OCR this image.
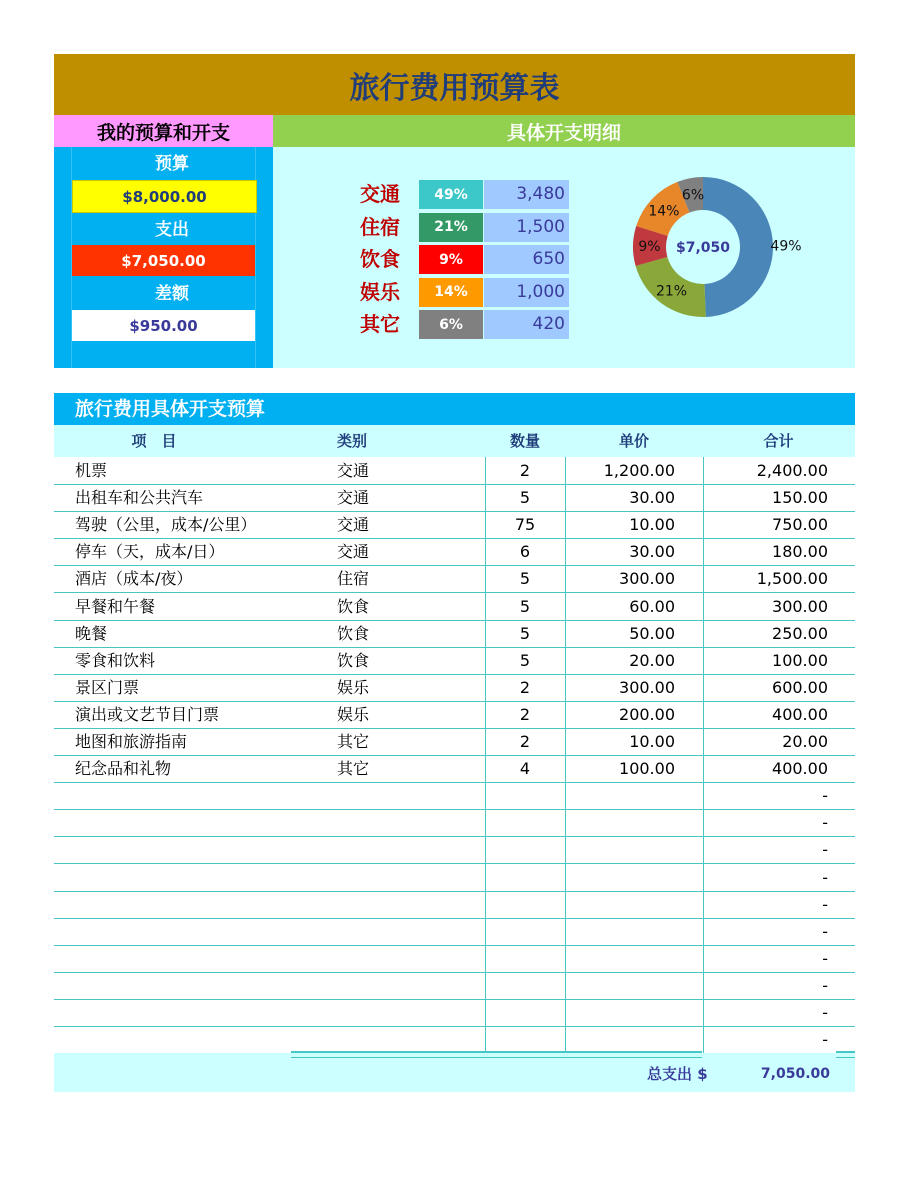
旅行费用预算表
我的预算和开支	具体开支明细
预算
$8,000.00
支出
$7,050.00
差额
$950.00
交通	49%	3,480
住宿	21%	1,500
饮食	9%	650
娱乐	14%	1,000
其它	6%	420
49%
21%
9%
14%
6%
$7,050
旅行费用具体开支预算
项　目	类别	数量	单价	合计
机票	交通	2	1,200.00	2,400.00
出租车和公共汽车	交通	5	30.00	150.00
驾驶（公里，成本/公里）	交通	75	10.00	750.00
停车（天，成本/日）	交通	6	30.00	180.00
酒店（成本/夜）	住宿	5	300.00	1,500.00
早餐和午餐	饮食	5	60.00	300.00
晚餐	饮食	5	50.00	250.00
零食和饮料	饮食	5	20.00	100.00
景区门票	娱乐	2	300.00	600.00
演出或文艺节目门票	娱乐	2	200.00	400.00
地图和旅游指南	其它	2	10.00	20.00
纪念品和礼物	其它	4	100.00	400.00
-
-
-
-
-
-
-
-
-
-
总支出 $	7,050.00
